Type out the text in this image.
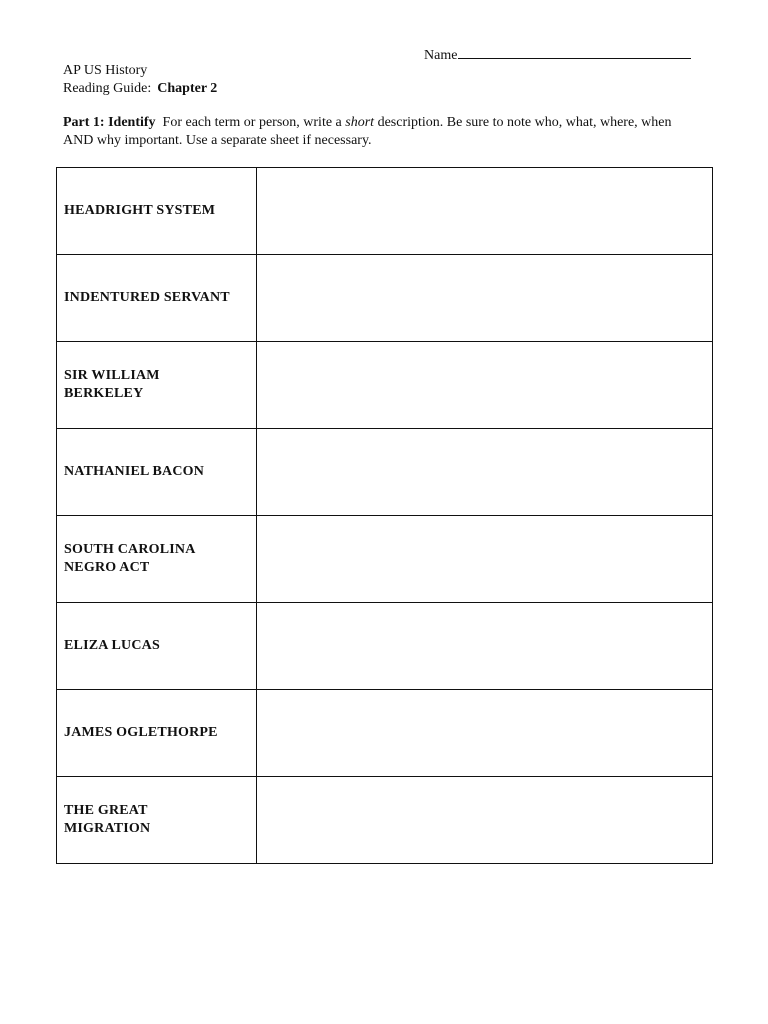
Name
AP US History
Reading Guide: Chapter 2
Part 1: Identify For each term or person, write a short description. Be sure to note who, what, where, when AND why important. Use a separate sheet if necessary.
HEADRIGHT SYSTEM

INDENTURED SERVANT

SIR WILLIAM
BERKELEY	
NATHANIEL BACON

SOUTH CAROLINA
NEGRO ACT	
ELIZA LUCAS

JAMES OGLETHORPE

THE GREAT
MIGRATION	
